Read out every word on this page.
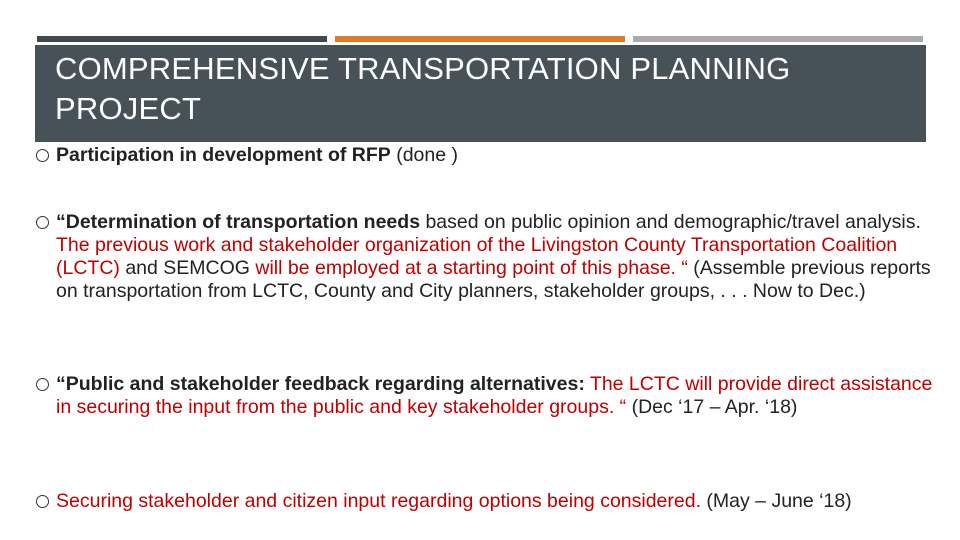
COMPREHENSIVE TRANSPORTATION PLANNING PROJECT

Participation in development of RFP (done )

“Determination of transportation needs based on public opinion and demographic/travel analysis. The previous work and stakeholder organization of the Livingston County Transportation Coalition (LCTC) and SEMCOG will be employed at a starting point of this phase. “ (Assemble previous reports on transportation from LCTC, County and City planners, stakeholder groups, . . . Now to Dec.)

“Public and stakeholder feedback regarding alternatives: The LCTC will provide direct assistance in securing the input from the public and key stakeholder groups. “ (Dec ‘17 – Apr. ‘18)

Securing stakeholder and citizen input regarding options being considered. (May – June ‘18)
